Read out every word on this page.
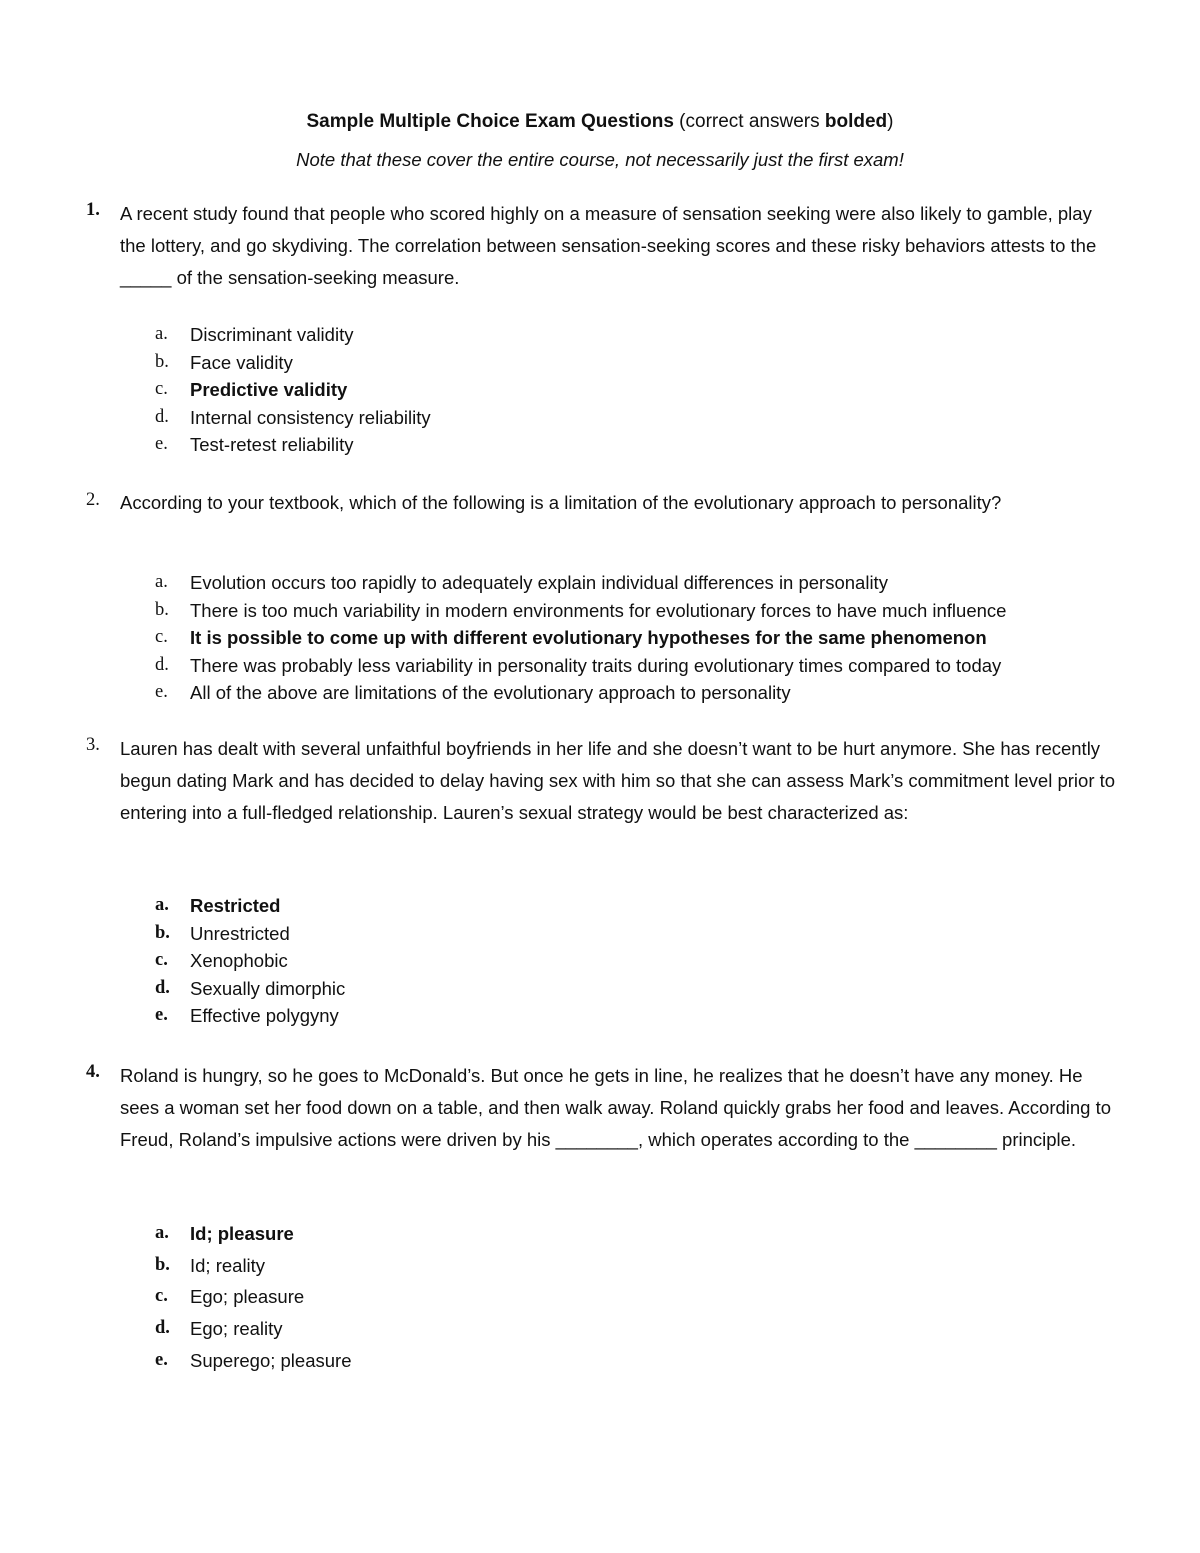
Sample Multiple Choice Exam Questions (correct answers bolded)
Note that these cover the entire course, not necessarily just the first exam!
1. A recent study found that people who scored highly on a measure of sensation seeking were also likely to gamble, play the lottery, and go skydiving. The correlation between sensation-seeking scores and these risky behaviors attests to the _____ of the sensation-seeking measure.
a. Discriminant validity
b. Face validity
c. Predictive validity
d. Internal consistency reliability
e. Test-retest reliability
2. According to your textbook, which of the following is a limitation of the evolutionary approach to personality?
a. Evolution occurs too rapidly to adequately explain individual differences in personality
b. There is too much variability in modern environments for evolutionary forces to have much influence
c. It is possible to come up with different evolutionary hypotheses for the same phenomenon
d. There was probably less variability in personality traits during evolutionary times compared to today
e. All of the above are limitations of the evolutionary approach to personality
3. Lauren has dealt with several unfaithful boyfriends in her life and she doesn’t want to be hurt anymore. She has recently begun dating Mark and has decided to delay having sex with him so that she can assess Mark’s commitment level prior to entering into a full-fledged relationship. Lauren’s sexual strategy would be best characterized as:
a. Restricted
b. Unrestricted
c. Xenophobic
d. Sexually dimorphic
e. Effective polygyny
4. Roland is hungry, so he goes to McDonald’s. But once he gets in line, he realizes that he doesn’t have any money. He sees a woman set her food down on a table, and then walk away. Roland quickly grabs her food and leaves. According to Freud, Roland’s impulsive actions were driven by his ________, which operates according to the ________ principle.
a. Id; pleasure
b. Id; reality
c. Ego; pleasure
d. Ego; reality
e. Superego; pleasure
